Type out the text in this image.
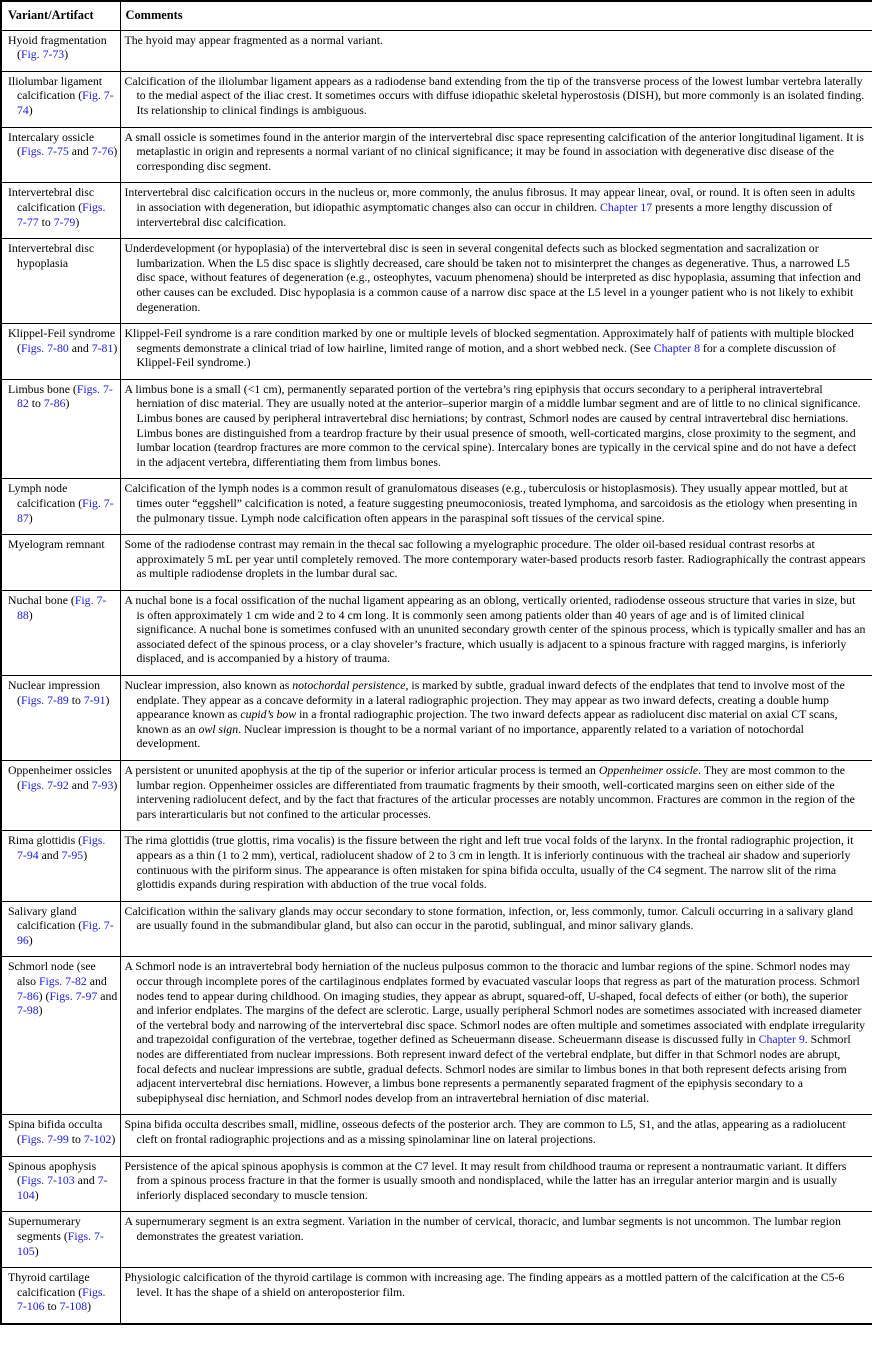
Variant/Artifact	Comments

Hyoid fragmentation (Fig. 7-73)	The hyoid may appear fragmented as a normal variant.

Iliolumbar ligament calcification (Fig. 7-74)	Calcification of the iliolumbar ligament appears as a radiodense band extending from the tip of the transverse process of the lowest lumbar vertebra laterally to the medial aspect of the iliac crest. It sometimes occurs with diffuse idiopathic skeletal hyperostosis (DISH), but more commonly is an isolated finding. Its relationship to clinical findings is ambiguous.

Intercalary ossicle (Figs. 7-75 and 7-76)	A small ossicle is sometimes found in the anterior margin of the intervertebral disc space representing calcification of the anterior longitudinal ligament. It is metaplastic in origin and represents a normal variant of no clinical significance; it may be found in association with degenerative disc disease of the corresponding disc segment.

Intervertebral disc calcification (Figs. 7-77 to 7-79)	Intervertebral disc calcification occurs in the nucleus or, more commonly, the anulus fibrosus. It may appear linear, oval, or round. It is often seen in adults in association with degeneration, but idiopathic asymptomatic changes also can occur in children. Chapter 17 presents a more lengthy discussion of intervertebral disc calcification.

Intervertebral disc hypoplasia	Underdevelopment (or hypoplasia) of the intervertebral disc is seen in several congenital defects such as blocked segmentation and sacralization or lumbarization. When the L5 disc space is slightly decreased, care should be taken not to misinterpret the changes as degenerative. Thus, a narrowed L5 disc space, without features of degeneration (e.g., osteophytes, vacuum phenomena) should be interpreted as disc hypoplasia, assuming that infection and other causes can be excluded. Disc hypoplasia is a common cause of a narrow disc space at the L5 level in a younger patient who is not likely to exhibit degeneration.

Klippel-Feil syndrome (Figs. 7-80 and 7-81)	Klippel-Feil syndrome is a rare condition marked by one or multiple levels of blocked segmentation. Approximately half of patients with multiple blocked segments demonstrate a clinical triad of low hairline, limited range of motion, and a short webbed neck. (See Chapter 8 for a complete discussion of Klippel-Feil syndrome.)

Limbus bone (Figs. 7-82 to 7-86)	A limbus bone is a small (<1 cm), permanently separated portion of the vertebra’s ring epiphysis that occurs secondary to a peripheral intravertebral herniation of disc material. They are usually noted at the anterior–superior margin of a middle lumbar segment and are of little to no clinical significance. Limbus bones are caused by peripheral intravertebral disc herniations; by contrast, Schmorl nodes are caused by central intravertebral disc herniations. Limbus bones are distinguished from a teardrop fracture by their usual presence of smooth, well-corticated margins, close proximity to the segment, and lumbar location (teardrop fractures are more common to the cervical spine). Intercalary bones are typically in the cervical spine and do not have a defect in the adjacent vertebra, differentiating them from limbus bones.

Lymph node calcification (Fig. 7-87)	Calcification of the lymph nodes is a common result of granulomatous diseases (e.g., tuberculosis or histoplasmosis). They usually appear mottled, but at times outer “eggshell” calcification is noted, a feature suggesting pneumoconiosis, treated lymphoma, and sarcoidosis as the etiology when presenting in the pulmonary tissue. Lymph node calcification often appears in the paraspinal soft tissues of the cervical spine.

Myelogram remnant	Some of the radiodense contrast may remain in the thecal sac following a myelographic procedure. The older oil-based residual contrast resorbs at approximately 5 mL per year until completely removed. The more contemporary water-based products resorb faster. Radiographically the contrast appears as multiple radiodense droplets in the lumbar dural sac.

Nuchal bone (Fig. 7-88)	A nuchal bone is a focal ossification of the nuchal ligament appearing as an oblong, vertically oriented, radiodense osseous structure that varies in size, but is often approximately 1 cm wide and 2 to 4 cm long. It is commonly seen among patients older than 40 years of age and is of limited clinical significance. A nuchal bone is sometimes confused with an ununited secondary growth center of the spinous process, which is typically smaller and has an associated defect of the spinous process, or a clay shoveler’s fracture, which usually is adjacent to a spinous fracture with ragged margins, is inferiorly displaced, and is accompanied by a history of trauma.

Nuclear impression (Figs. 7-89 to 7-91)	Nuclear impression, also known as notochordal persistence, is marked by subtle, gradual inward defects of the endplates that tend to involve most of the endplate. They appear as a concave deformity in a lateral radiographic projection. They may appear as two inward defects, creating a double hump appearance known as cupid’s bow in a frontal radiographic projection. The two inward defects appear as radiolucent disc material on axial CT scans, known as an owl sign. Nuclear impression is thought to be a normal variant of no importance, apparently related to a variation of notochordal development.

Oppenheimer ossicles (Figs. 7-92 and 7-93)	A persistent or ununited apophysis at the tip of the superior or inferior articular process is termed an Oppenheimer ossicle. They are most common to the lumbar region. Oppenheimer ossicles are differentiated from traumatic fragments by their smooth, well-corticated margins seen on either side of the intervening radiolucent defect, and by the fact that fractures of the articular processes are notably uncommon. Fractures are common in the region of the pars interarticularis but not confined to the articular processes.

Rima glottidis (Figs. 7-94 and 7-95)	The rima glottidis (true glottis, rima vocalis) is the fissure between the right and left true vocal folds of the larynx. In the frontal radiographic projection, it appears as a thin (1 to 2 mm), vertical, radiolucent shadow of 2 to 3 cm in length. It is inferiorly continuous with the tracheal air shadow and superiorly continuous with the piriform sinus. The appearance is often mistaken for spina bifida occulta, usually of the C4 segment. The narrow slit of the rima glottidis expands during respiration with abduction of the true vocal folds.

Salivary gland calcification (Fig. 7-96)	Calcification within the salivary glands may occur secondary to stone formation, infection, or, less commonly, tumor. Calculi occurring in a salivary gland are usually found in the submandibular gland, but also can occur in the parotid, sublingual, and minor salivary glands.

Schmorl node (see also Figs. 7-82 and 7-86) (Figs. 7-97 and 7-98)	A Schmorl node is an intravertebral body herniation of the nucleus pulposus common to the thoracic and lumbar regions of the spine. Schmorl nodes may occur through incomplete pores of the cartilaginous endplates formed by evacuated vascular loops that regress as part of the maturation process. Schmorl nodes tend to appear during childhood. On imaging studies, they appear as abrupt, squared-off, U-shaped, focal defects of either (or both), the superior and inferior endplates. The margins of the defect are sclerotic. Large, usually peripheral Schmorl nodes are sometimes associated with increased diameter of the vertebral body and narrowing of the intervertebral disc space. Schmorl nodes are often multiple and sometimes associated with endplate irregularity and trapezoidal configuration of the vertebrae, together defined as Scheuermann disease. Scheuermann disease is discussed fully in Chapter 9. Schmorl nodes are differentiated from nuclear impressions. Both represent inward defect of the vertebral endplate, but differ in that Schmorl nodes are abrupt, focal defects and nuclear impressions are subtle, gradual defects. Schmorl nodes are similar to limbus bones in that both represent defects arising from adjacent intervertebral disc herniations. However, a limbus bone represents a permanently separated fragment of the epiphysis secondary to a subepiphyseal disc herniation, and Schmorl nodes develop from an intravertebral herniation of disc material.

Spina bifida occulta (Figs. 7-99 to 7-102)	Spina bifida occulta describes small, midline, osseous defects of the posterior arch. They are common to L5, S1, and the atlas, appearing as a radiolucent cleft on frontal radiographic projections and as a missing spinolaminar line on lateral projections.

Spinous apophysis (Figs. 7-103 and 7-104)	Persistence of the apical spinous apophysis is common at the C7 level. It may result from childhood trauma or represent a nontraumatic variant. It differs from a spinous process fracture in that the former is usually smooth and nondisplaced, while the latter has an irregular anterior margin and is usually inferiorly displaced secondary to muscle tension.

Supernumerary segments (Figs. 7-105)	A supernumerary segment is an extra segment. Variation in the number of cervical, thoracic, and lumbar segments is not uncommon. The lumbar region demonstrates the greatest variation.

Thyroid cartilage calcification (Figs. 7-106 to 7-108)	Physiologic calcification of the thyroid cartilage is common with increasing age. The finding appears as a mottled pattern of the calcification at the C5-6 level. It has the shape of a shield on anteroposterior film.
